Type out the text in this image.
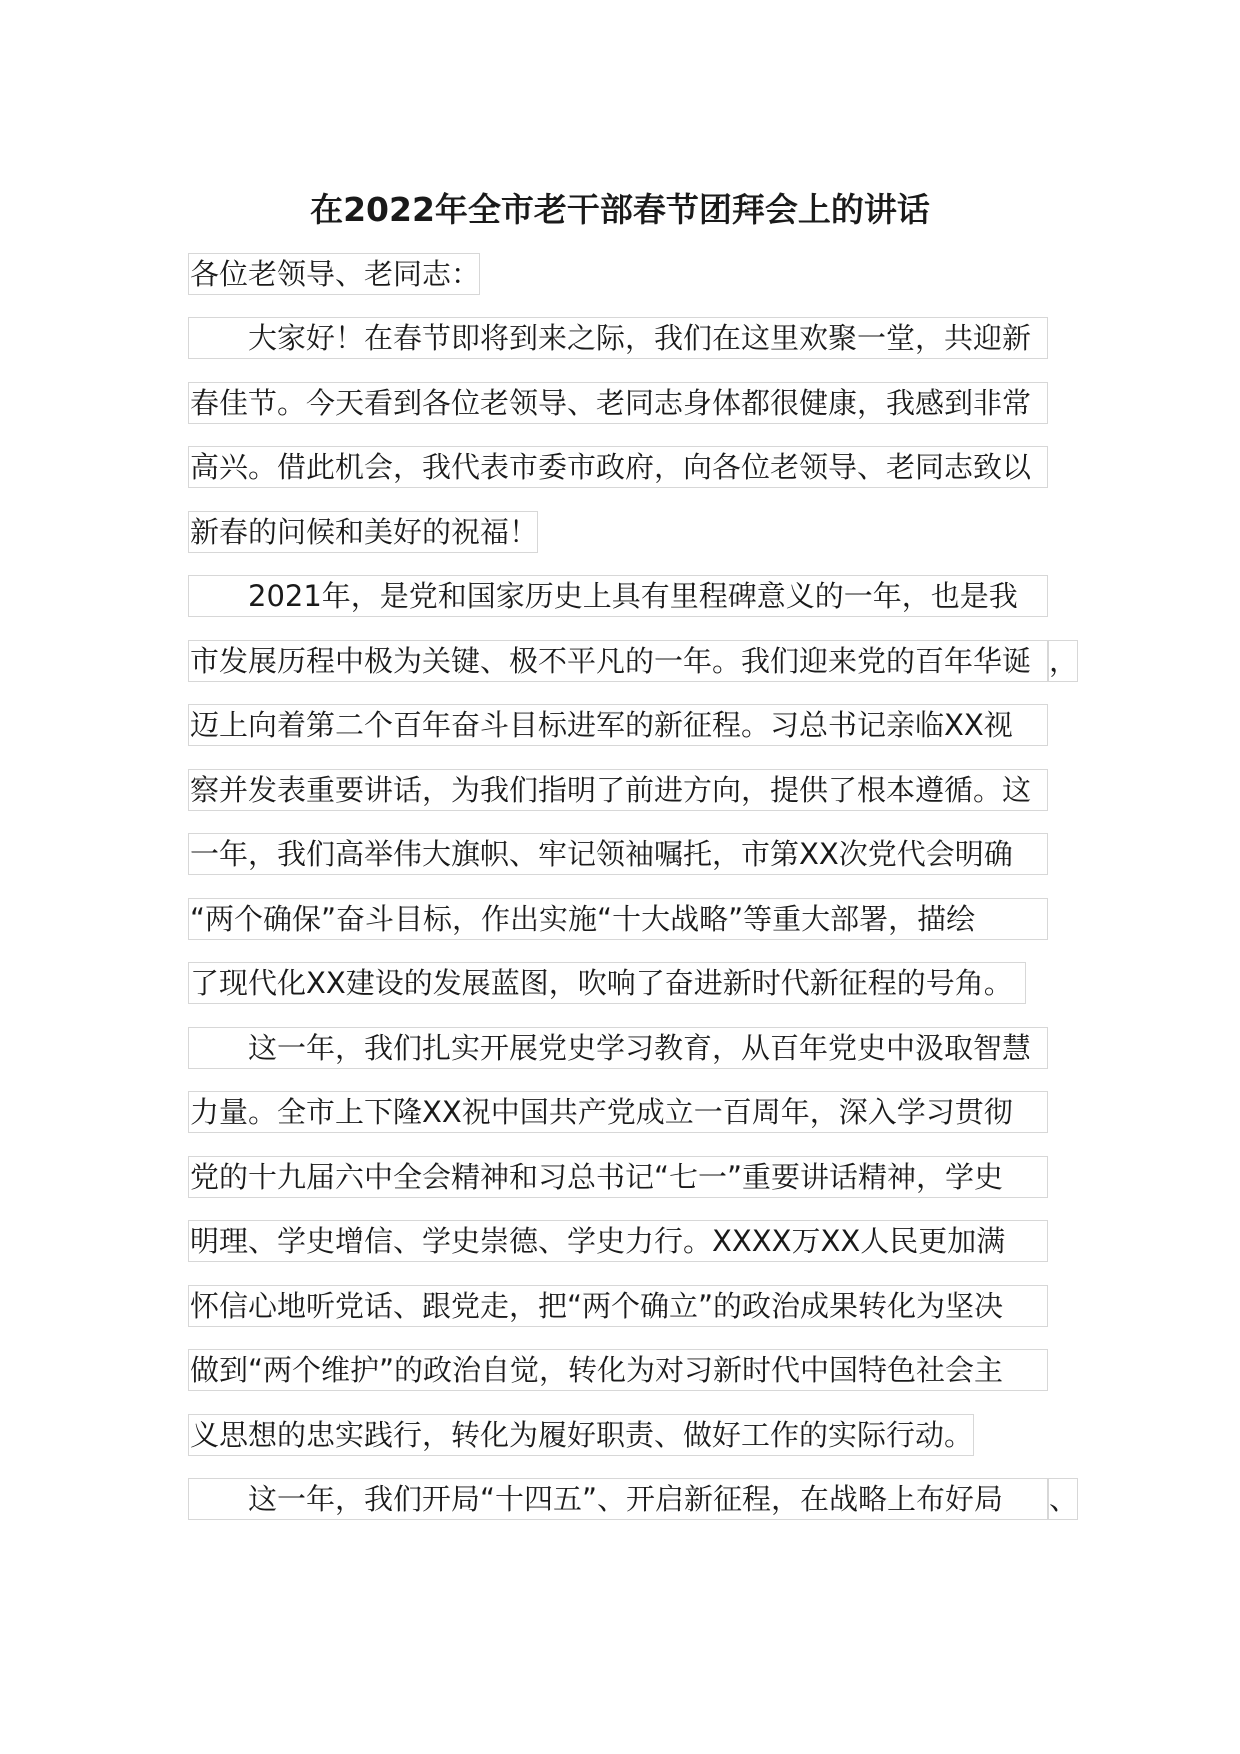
在2022年全市老干部春节团拜会上的讲话
各位老领导、老同志：
大家好！在春节即将到来之际，我们在这里欢聚一堂，共迎新
春佳节。今天看到各位老领导、老同志身体都很健康，我感到非常
高兴。借此机会，我代表市委市政府，向各位老领导、老同志致以
新春的问候和美好的祝福！
2021年，是党和国家历史上具有里程碑意义的一年，也是我
市发展历程中极为关键、极不平凡的一年。我们迎来党的百年华诞 ，
迈上向着第二个百年奋斗目标进军的新征程。习总书记亲临XX视
察并发表重要讲话，为我们指明了前进方向，提供了根本遵循。这
一年，我们高举伟大旗帜、牢记领袖嘱托，市第XX次党代会明确
“两个确保”奋斗目标，作出实施“十大战略”等重大部署，描绘
了现代化XX建设的发展蓝图，吹响了奋进新时代新征程的号角。
这一年，我们扎实开展党史学习教育，从百年党史中汲取智慧
力量。全市上下隆XX祝中国共产党成立一百周年，深入学习贯彻
党的十九届六中全会精神和习总书记“七一”重要讲话精神，学史
明理、学史增信、学史崇德、学史力行。XXXX万XX人民更加满
怀信心地听党话、跟党走，把“两个确立”的政治成果转化为坚决
做到“两个维护”的政治自觉，转化为对习新时代中国特色社会主
义思想的忠实践行，转化为履好职责、做好工作的实际行动。
这一年，我们开局“十四五”、开启新征程，在战略上布好局	、
